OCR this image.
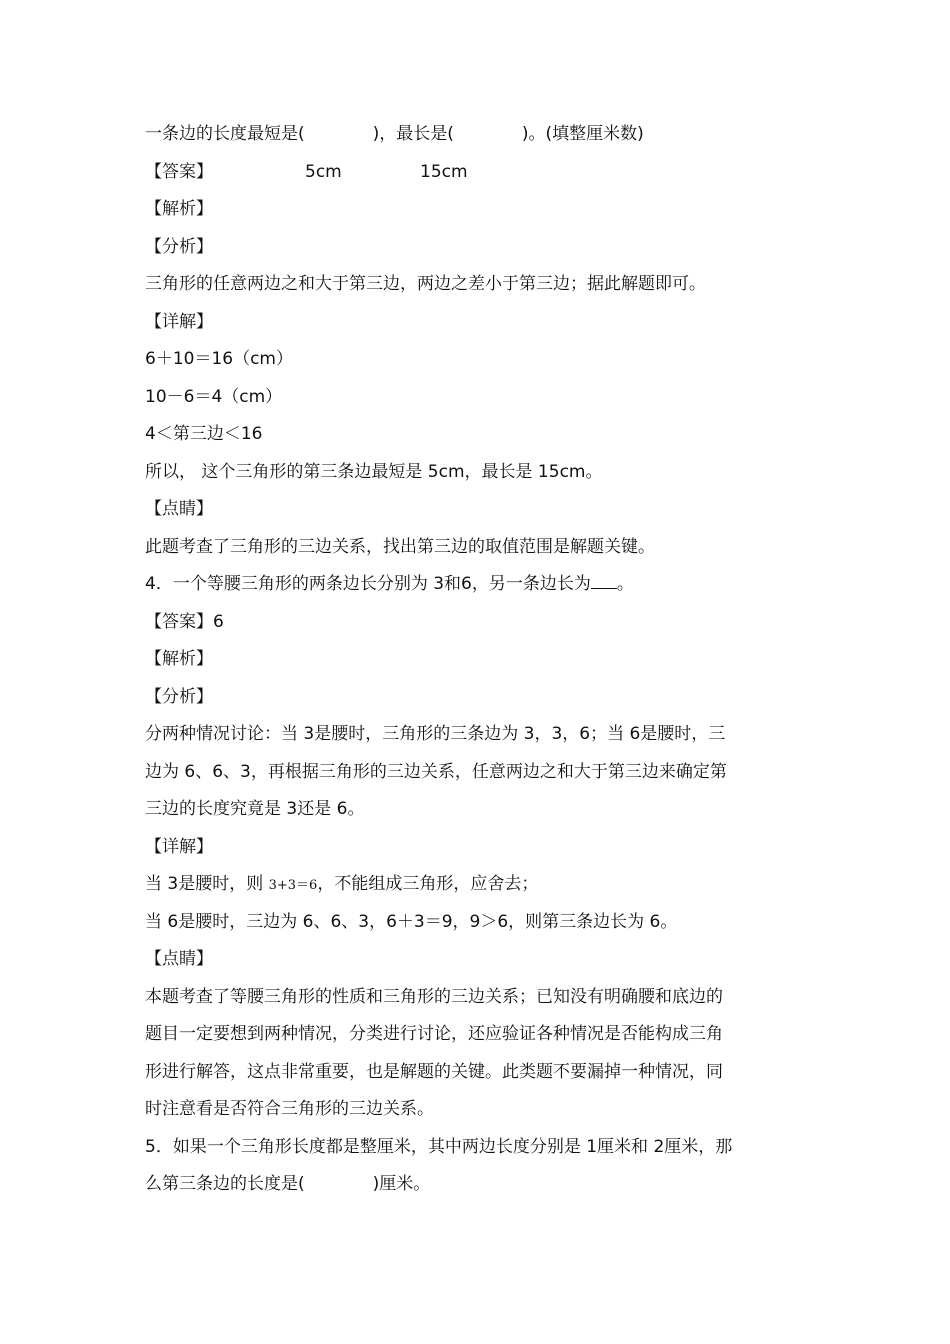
一条边的长度最短是(　　　　)，最长是(　　　　)。(填整厘米数)
【答案】	5cm	15cm
【解析】
【分析】
三角形的任意两边之和大于第三边，两边之差小于第三边；据此解题即可。
【详解】
6＋10＝16（cm）
10－6＝4（cm）
4＜第三边＜16
所以， 这个三角形的第三条边最短是 5cm，最长是 15cm。
【点睛】
此题考查了三角形的三边关系，找出第三边的取值范围是解题关键。
4．一个等腰三角形的两条边长分别为 3和6，另一条边长为 。
【答案】6
【解析】
【分析】
分两种情况讨论：当 3是腰时，三角形的三条边为 3，3，6；当 6是腰时，三
边为 6、6、3，再根据三角形的三边关系，任意两边之和大于第三边来确定第
三边的长度究竟是 3还是 6。
【详解】
当 3是腰时，则 3+3＝6，不能组成三角形，应舍去；
当 6是腰时，三边为 6、6、3，6＋3＝9，9＞6，则第三条边长为 6。
【点睛】
本题考查了等腰三角形的性质和三角形的三边关系；已知没有明确腰和底边的
题目一定要想到两种情况，分类进行讨论，还应验证各种情况是否能构成三角
形进行解答，这点非常重要，也是解题的关键。此类题不要漏掉一种情况，同
时注意看是否符合三角形的三边关系。
5．如果一个三角形长度都是整厘米，其中两边长度分别是 1厘米和 2厘米，那
么第三条边的长度是(　　　　)厘米。
